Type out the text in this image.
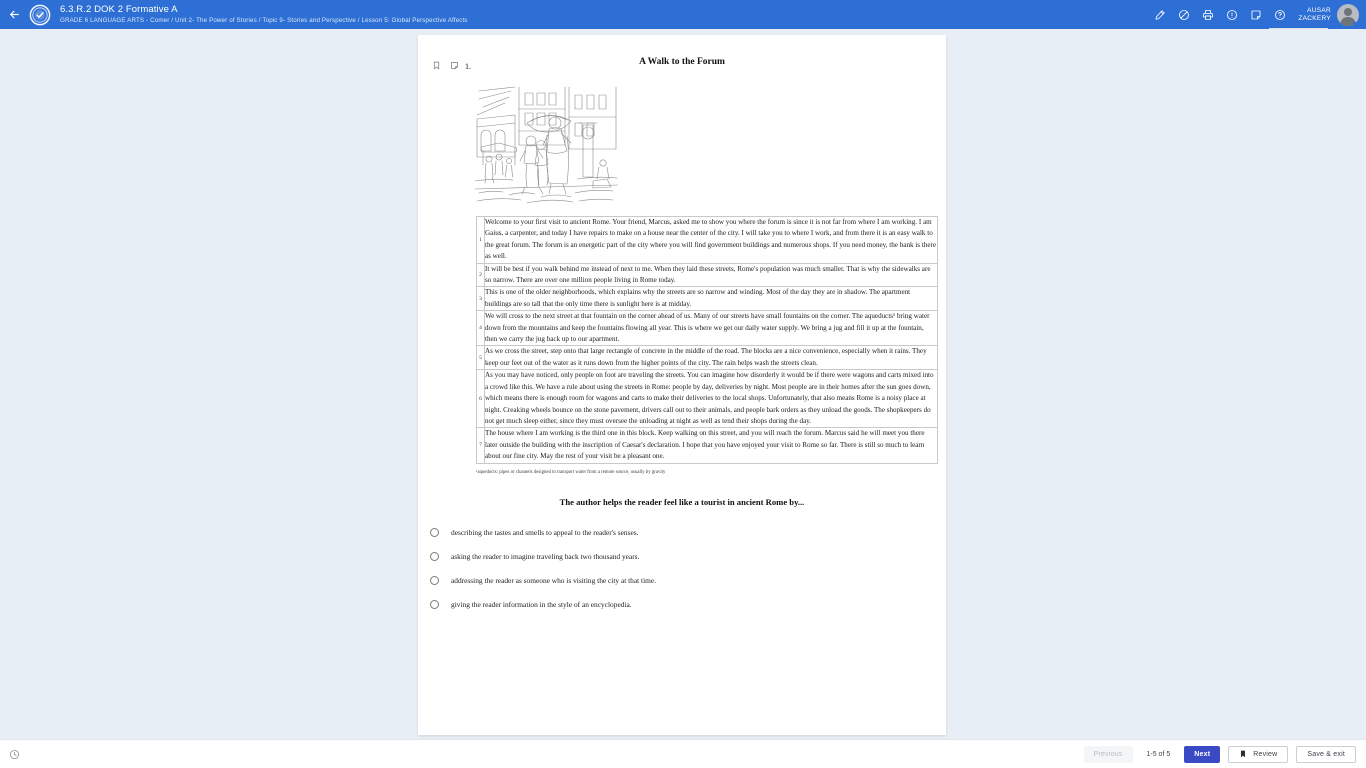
6.3.R.2 DOK 2 Formative A
GRADE 6 LANGUAGE ARTS - Comer / Unit 2- The Power of Stories / Topic 9- Stories and Perspective / Lesson 5: Global Perspective Affects
AUSAR
ZACKERY
1.	A Walk to the Forum
1	Welcome to your first visit to ancient Rome. Your friend, Marcus, asked me to show you where the forum is since it is not far from where I am working. I am Gaius, a carpenter, and today I have repairs to make on a house near the center of the city. I will take you to where I work, and from there it is an easy walk to the great forum. The forum is an energetic part of the city where you will find government buildings and numerous shops. If you need money, the bank is there as well.
2	It will be best if you walk behind me instead of next to me. When they laid these streets, Rome's population was much smaller. That is why the sidewalks are so narrow. There are over one million people living in Rome today.
3	This is one of the older neighborhoods, which explains why the streets are so narrow and winding. Most of the day they are in shadow. The apartment buildings are so tall that the only time there is sunlight here is at midday.
4	We will cross to the next street at that fountain on the corner ahead of us. Many of our streets have small fountains on the corner. The aqueducts¹ bring water down from the mountains and keep the fountains flowing all year. This is where we get our daily water supply. We bring a jug and fill it up at the fountain, then we carry the jug back up to our apartment.
5	As we cross the street, step onto that large rectangle of concrete in the middle of the road. The blocks are a nice convenience, especially when it rains. They keep our feet out of the water as it runs down from the higher points of the city. The rain helps wash the streets clean.
6	As you may have noticed, only people on foot are traveling the streets. You can imagine how disorderly it would be if there were wagons and carts mixed into a crowd like this. We have a rule about using the streets in Rome: people by day, deliveries by night. Most people are in their homes after the sun goes down, which means there is enough room for wagons and carts to make their deliveries to the local shops. Unfortunately, that also means Rome is a noisy place at night. Creaking wheels bounce on the stone pavement, drivers call out to their animals, and people bark orders as they unload the goods. The shopkeepers do not get much sleep either, since they must oversee the unloading at night as well as tend their shops during the day.
7	The house where I am working is the third one in this block. Keep walking on this street, and you will reach the forum. Marcus said he will meet you there later outside the building with the inscription of Caesar's declaration. I hope that you have enjoyed your visit to Rome so far. There is still so much to learn about our fine city. May the rest of your visit be a pleasant one.
¹aqueducts: pipes or channels designed to transport water from a remote source, usually by gravity
The author helps the reader feel like a tourist in ancient Rome by...
describing the tastes and smells to appeal to the reader's senses.
asking the reader to imagine traveling back two thousand years.
addressing the reader as someone who is visiting the city at that time.
giving the reader information in the style of an encyclopedia.
Previous	1-5 of 5	Next	Review	Save & exit
